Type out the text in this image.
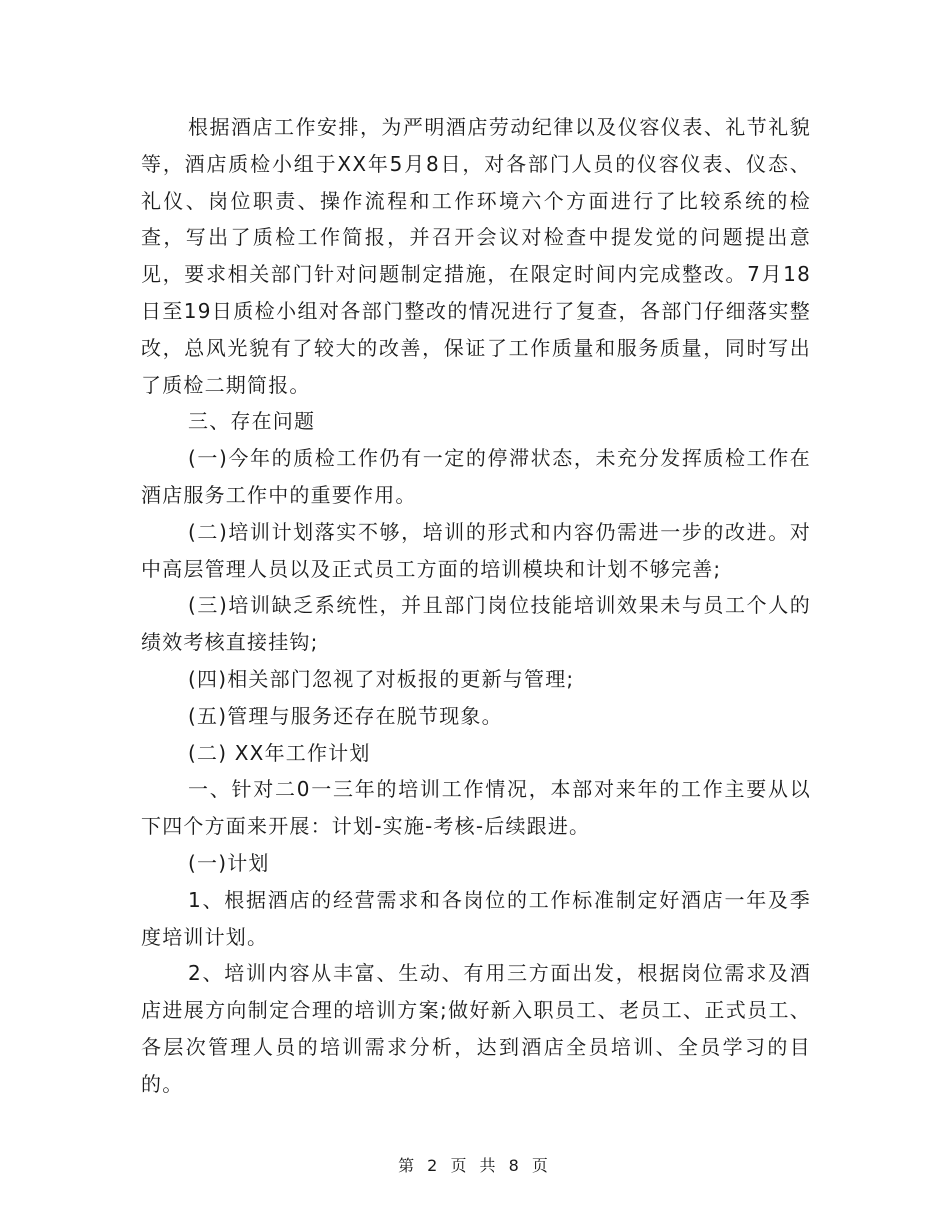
根据酒店工作安排，为严明酒店劳动纪律以及仪容仪表、礼节礼貌等，酒店质检小组于XX年5月8日，对各部门人员的仪容仪表、仪态、礼仪、岗位职责、操作流程和工作环境六个方面进行了比较系统的检查，写出了质检工作简报，并召开会议对检查中提发觉的问题提出意见，要求相关部门针对问题制定措施，在限定时间内完成整改。7月18日至19日质检小组对各部门整改的情况进行了复查，各部门仔细落实整改，总风光貌有了较大的改善，保证了工作质量和服务质量，同时写出了质检二期简报。

三、存在问题

(一)今年的质检工作仍有一定的停滞状态，未充分发挥质检工作在酒店服务工作中的重要作用。

(二)培训计划落实不够，培训的形式和内容仍需进一步的改进。对中高层管理人员以及正式员工方面的培训模块和计划不够完善;

(三)培训缺乏系统性，并且部门岗位技能培训效果未与员工个人的绩效考核直接挂钩;

(四)相关部门忽视了对板报的更新与管理;

(五)管理与服务还存在脱节现象。

(二) XX年工作计划

一、针对二0一三年的培训工作情况，本部对来年的工作主要从以下四个方面来开展：计划-实施-考核-后续跟进。

(一)计划

1、根据酒店的经营需求和各岗位的工作标准制定好酒店一年及季度培训计划。

2、培训内容从丰富、生动、有用三方面出发，根据岗位需求及酒店进展方向制定合理的培训方案;做好新入职员工、老员工、正式员工、各层次管理人员的培训需求分析，达到酒店全员培训、全员学习的目的。

第 2 页 共 8 页
